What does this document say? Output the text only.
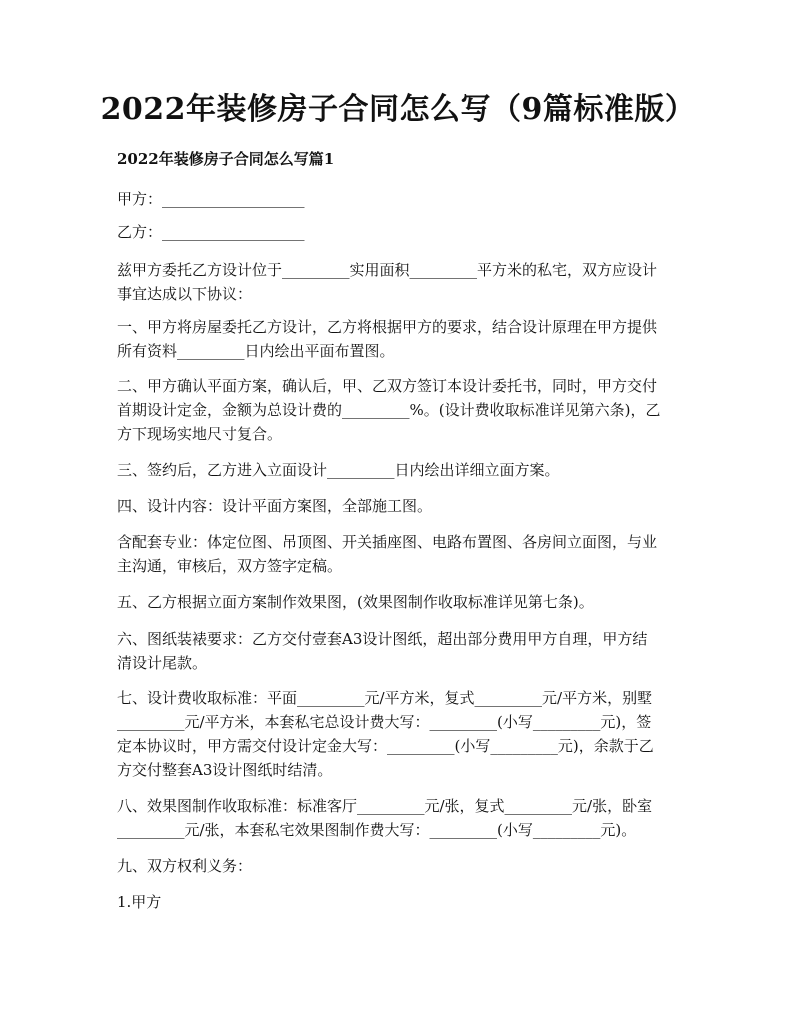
2022年装修房子合同怎么写（9篇标准版）
2022年装修房子合同怎么写篇1
甲方：___________________
乙方：___________________
兹甲方委托乙方设计位于_________实用面积_________平方米的私宅，双方应设计
事宜达成以下协议：
一、甲方将房屋委托乙方设计，乙方将根据甲方的要求，结合设计原理在甲方提供
所有资料_________日内绘出平面布置图。
二、甲方确认平面方案，确认后，甲、乙双方签订本设计委托书，同时，甲方交付
首期设计定金，金额为总设计费的_________%。(设计费收取标准详见第六条)，乙
方下现场实地尺寸复合。
三、签约后，乙方进入立面设计_________日内绘出详细立面方案。
四、设计内容：设计平面方案图，全部施工图。
含配套专业：体定位图、吊顶图、开关插座图、电路布置图、各房间立面图，与业
主沟通，审核后，双方签字定稿。
五、乙方根据立面方案制作效果图，(效果图制作收取标准详见第七条)。
六、图纸装裱要求：乙方交付壹套A3设计图纸，超出部分费用甲方自理，甲方结
清设计尾款。
七、设计费收取标准：平面_________元/平方米，复式_________元/平方米，别墅
_________元/平方米，本套私宅总设计费大写：_________(小写_________元)，签
定本协议时，甲方需交付设计定金大写：_________(小写_________元)，余款于乙
方交付整套A3设计图纸时结清。
八、效果图制作收取标准：标准客厅_________元/张，复式_________元/张，卧室
_________元/张，本套私宅效果图制作费大写：_________(小写_________元)。
九、双方权利义务：
1.甲方
